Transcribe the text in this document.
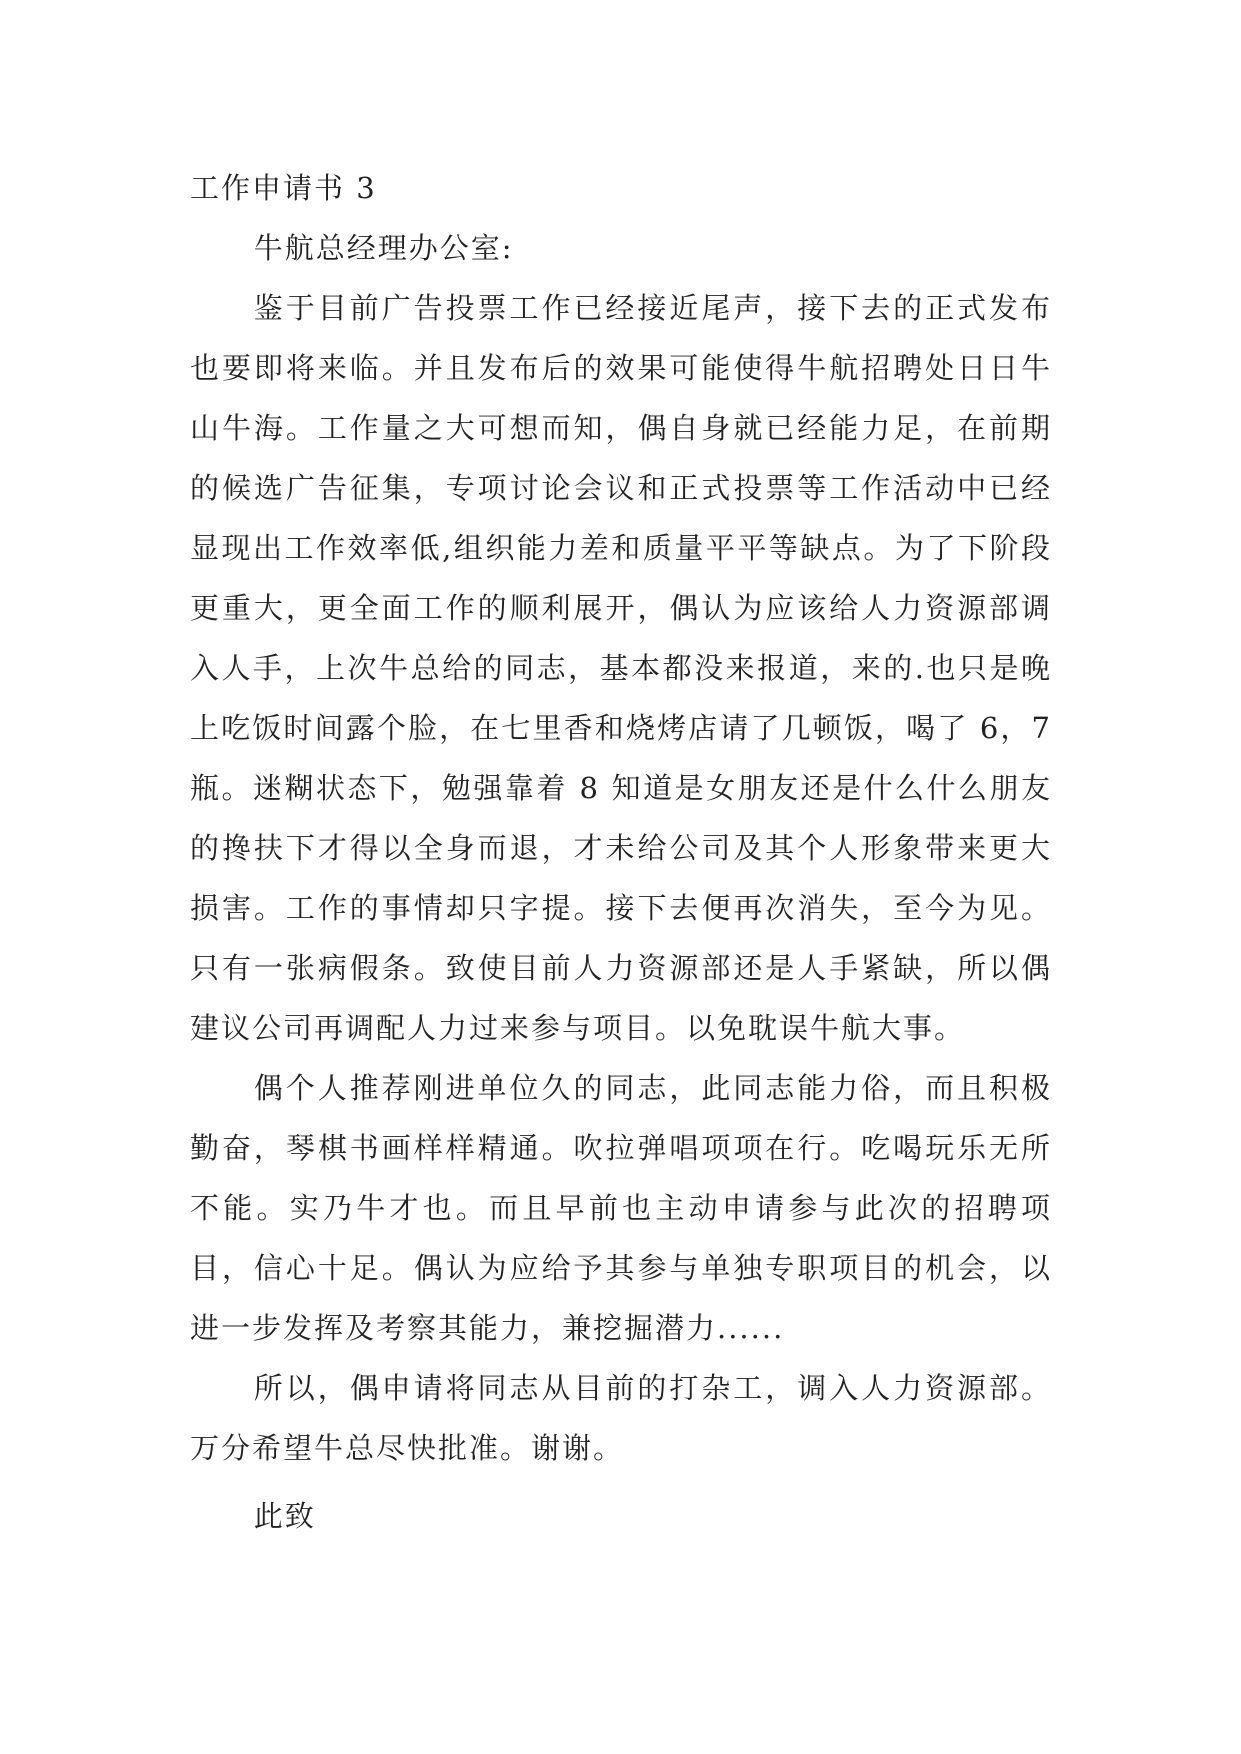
工作申请书 3

牛航总经理办公室:

鉴于目前广告投票工作已经接近尾声，接下去的正式发布也要即将来临。并且发布后的效果可能使得牛航招聘处日日牛山牛海。工作量之大可想而知，偶自身就已经能力足，在前期的候选广告征集，专项讨论会议和正式投票等工作活动中已经显现出工作效率低,组织能力差和质量平平等缺点。为了下阶段更重大，更全面工作的顺利展开，偶认为应该给人力资源部调入人手，上次牛总给的同志，基本都没来报道，来的.也只是晚上吃饭时间露个脸，在七里香和烧烤店请了几顿饭，喝了 6，7 瓶。迷糊状态下，勉强靠着 8 知道是女朋友还是什么什么朋友的搀扶下才得以全身而退，才未给公司及其个人形象带来更大损害。工作的事情却只字提。接下去便再次消失，至今为见。只有一张病假条。致使目前人力资源部还是人手紧缺，所以偶建议公司再调配人力过来参与项目。以免耽误牛航大事。

偶个人推荐刚进单位久的同志，此同志能力俗，而且积极勤奋，琴棋书画样样精通。吹拉弹唱项项在行。吃喝玩乐无所不能。实乃牛才也。而且早前也主动申请参与此次的招聘项目，信心十足。偶认为应给予其参与单独专职项目的机会，以进一步发挥及考察其能力，兼挖掘潜力......

所以，偶申请将同志从目前的打杂工，调入人力资源部。万分希望牛总尽快批准。谢谢。

此致
